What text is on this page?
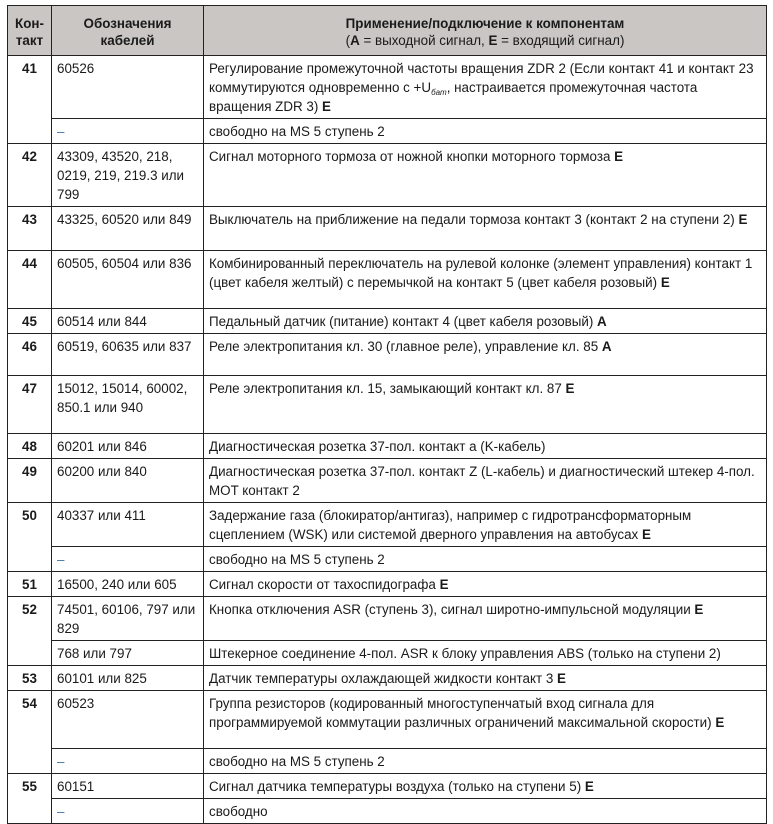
Кон-
такт	Обозначения
кабелей	Применение/подключение к компонентам
(A = выходной сигнал, E = входящий сигнал)
41	60526	Регулирование промежуточной частоты вращения ZDR 2 (Если контакт 41 и контакт 23 коммутируются одновременно $с +U_{бат}$, настраивается промежуточная частота вращения ZDR 3) E
	–	свободно на MS 5 ступень 2
42	43309, 43520, 218, 0219, 219, 219.3 или 799	Сигнал моторного тормоза от ножной кнопки моторного тормоза E
43	43325, 60520 или 849	Выключатель на приближение на педали тормоза контакт 3 (контакт 2 на ступени 2) E
44	60505, 60504 или 836	Комбинированный переключатель на рулевой колонке (элемент управления) контакт 1 (цвет кабеля желтый) с перемычкой на контакт 5 (цвет кабеля розовый) E
45	60514 или 844	Педальный датчик (питание) контакт 4 (цвет кабеля розовый) A
46	60519, 60635 или 837	Реле электропитания кл. 30 (главное реле), управление кл. 85 A
47	15012, 15014, 60002, 850.1 или 940	Реле электропитания кл. 15, замыкающий контакт кл. 87 E
48	60201 или 846	Диагностическая розетка 37-пол. контакт a (K-кабель)
49	60200 или 840	Диагностическая розетка 37-пол. контакт Z (L-кабель) и диагностический штекер 4-пол. MOT контакт 2
50	40337 или 411	Задержание газа (блокиратор/антигаз), например с гидротрансформаторным сцеплением (WSK) или системой дверного управления на автобусах E
	–	свободно на MS 5 ступень 2
51	16500, 240 или 605	Сигнал скорости от тахоспидографа E
52	74501, 60106, 797 или 829	Кнопка отключения ASR (ступень 3), сигнал широтно-импульсной модуляции E
	768 или 797	Штекерное соединение 4-пол. ASR к блоку управления ABS (только на ступени 2)
53	60101 или 825	Датчик температуры охлаждающей жидкости контакт 3 E
54	60523	Группа резисторов (кодированный многоступенчатый вход сигнала для программируемой коммутации различных ограничений максимальной скорости) E
	–	свободно на MS 5 ступень 2
55	60151	Сигнал датчика температуры воздуха (только на ступени 5) E
	–	свободно
